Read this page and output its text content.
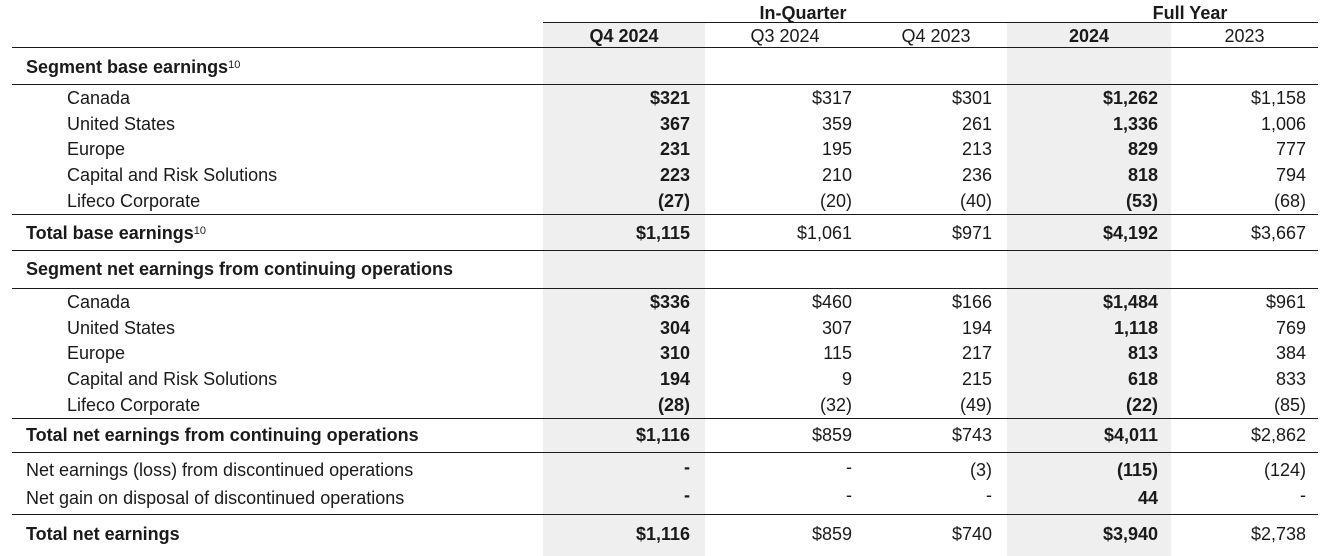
In-Quarter	Full Year
Q4 2024	Q3 2024	Q4 2023	2024	2023
Segment base earnings$^{10}$
Canada	$321	$317	$301	$1,262	$1,158
United States	367	359	261	1,336	1,006
Europe	231	195	213	829	777
Capital and Risk Solutions	223	210	236	818	794
Lifeco Corporate	(27)	(20)	(40)	(53)	(68)
Total base earnings$^{10}$	$1,115	$1,061	$971	$4,192	$3,667
Segment net earnings from continuing operations
Canada	$336	$460	$166	$1,484	$961
United States	304	307	194	1,118	769
Europe	310	115	217	813	384
Capital and Risk Solutions	194	9	215	618	833
Lifeco Corporate	(28)	(32)	(49)	(22)	(85)
Total net earnings from continuing operations	$1,116	$859	$743	$4,011	$2,862
Net earnings (loss) from discontinued operations	-	-	(3)	(115)	(124)
Net gain on disposal of discontinued operations	-	-	-	44	-
Total net earnings	$1,116	$859	$740	$3,940	$2,738
